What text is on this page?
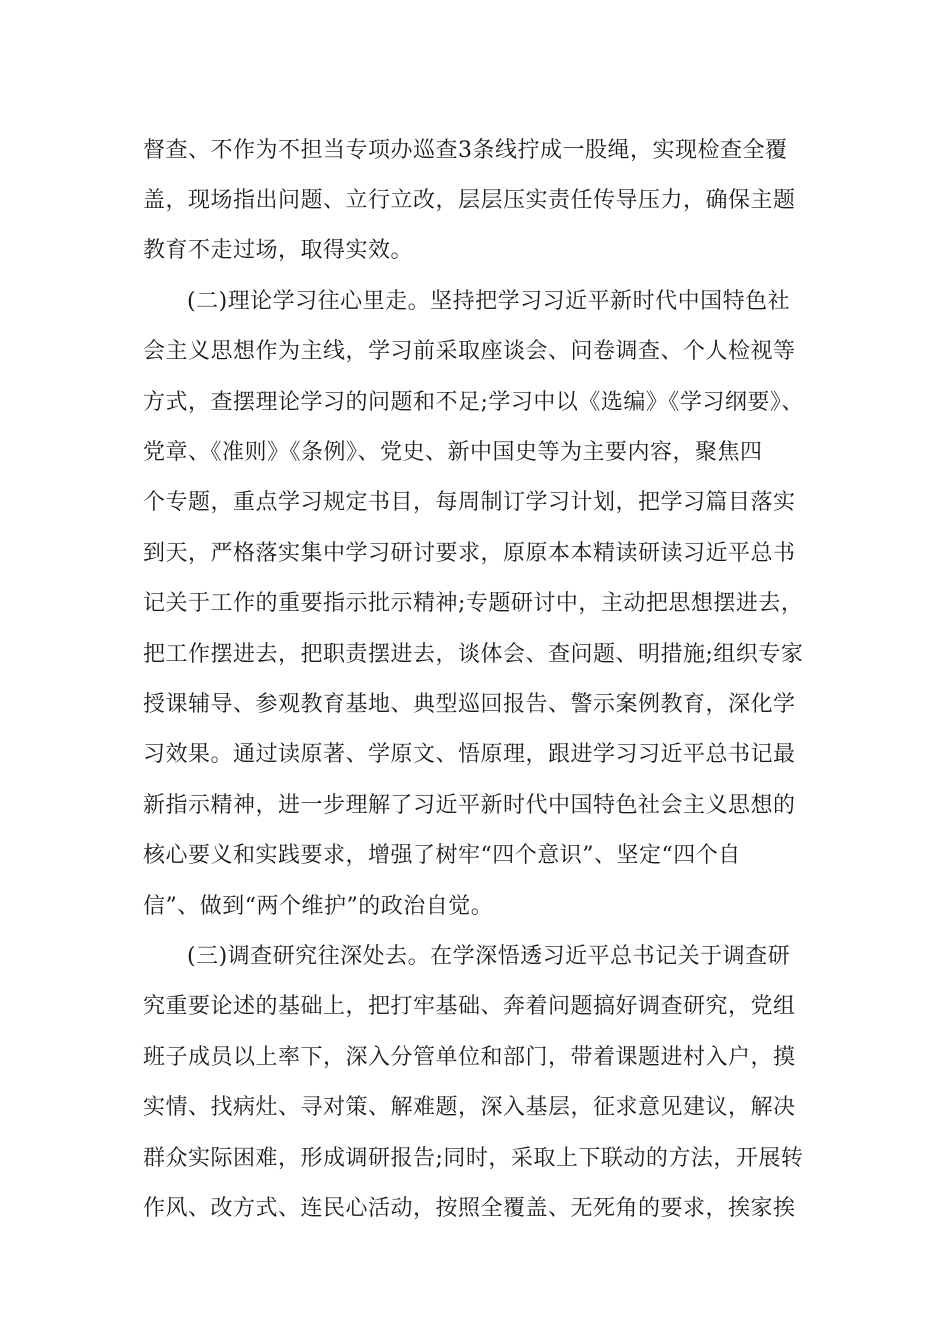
督查、不作为不担当专项办巡查3条线拧成一股绳，实现检查全覆
盖，现场指出问题、立行立改，层层压实责任传导压力，确保主题
教育不走过场，取得实效。
(二)理论学习往心里走。坚持把学习习近平新时代中国特色社
会主义思想作为主线，学习前采取座谈会、问卷调查、个人检视等
方式，查摆理论学习的问题和不足;学习中以《选编》《学习纲要》、
党章、《准则》《条例》、党史、新中国史等为主要内容，聚焦四
个专题，重点学习规定书目，每周制订学习计划，把学习篇目落实
到天，严格落实集中学习研讨要求，原原本本精读研读习近平总书
记关于工作的重要指示批示精神;专题研讨中，主动把思想摆进去，
把工作摆进去，把职责摆进去，谈体会、查问题、明措施;组织专家
授课辅导、参观教育基地、典型巡回报告、警示案例教育，深化学
习效果。通过读原著、学原文、悟原理，跟进学习习近平总书记最
新指示精神，进一步理解了习近平新时代中国特色社会主义思想的
核心要义和实践要求，增强了树牢“四个意识”、坚定“四个自
信”、做到“两个维护”的政治自觉。
(三)调查研究往深处去。在学深悟透习近平总书记关于调查研
究重要论述的基础上，把打牢基础、奔着问题搞好调查研究，党组
班子成员以上率下，深入分管单位和部门，带着课题进村入户，摸
实情、找病灶、寻对策、解难题，深入基层，征求意见建议，解决
群众实际困难，形成调研报告;同时，采取上下联动的方法，开展转
作风、改方式、连民心活动，按照全覆盖、无死角的要求，挨家挨
